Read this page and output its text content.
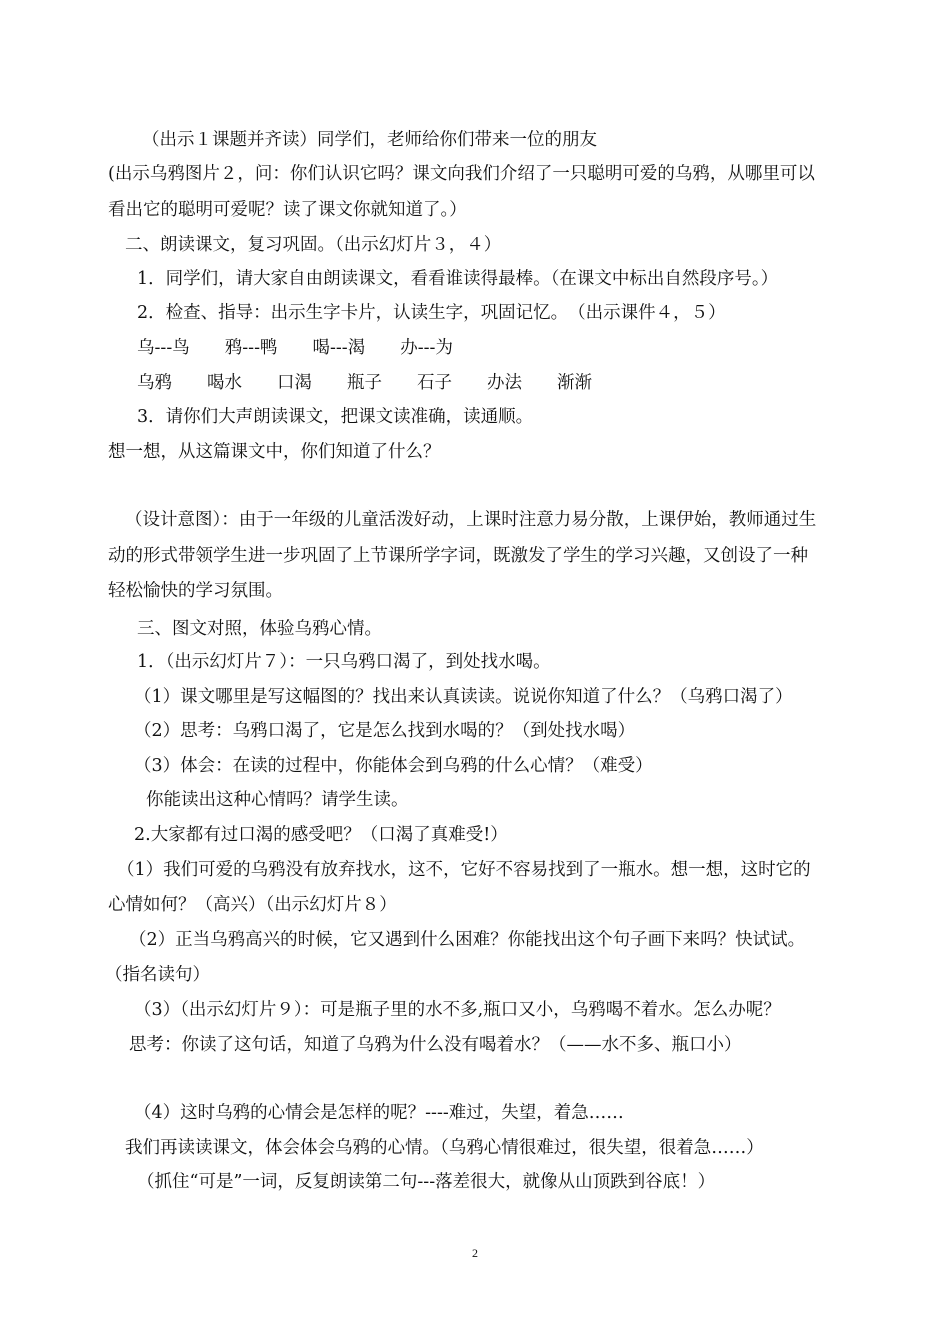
（出示１课题并齐读）同学们，老师给你们带来一位的朋友

(出示乌鸦图片２，问：你们认识它吗？课文向我们介绍了一只聪明可爱的乌鸦，从哪里可以

看出它的聪明可爱呢？读了课文你就知道了。）

二、朗读课文，复习巩固。（出示幻灯片３，４）

1．同学们，请大家自由朗读课文，看看谁读得最棒。（在课文中标出自然段序号。）

2．检查、指导：出示生字卡片，认读生字，巩固记忆。　（出示课件４，５）

乌---鸟　　鸦---鸭　　喝---渴　　办---为

乌鸦　　喝水　　口渴　　瓶子　　石子　　办法　　渐渐

3．请你们大声朗读课文，把课文读准确，读通顺。

想一想，从这篇课文中，你们知道了什么？

（设计意图）：由于一年级的儿童活泼好动，上课时注意力易分散，上课伊始，教师通过生

动的形式带领学生进一步巩固了上节课所学字词，既激发了学生的学习兴趣，又创设了一种

轻松愉快的学习氛围。

三、图文对照，体验乌鸦心情。

1．（出示幻灯片７）：一只乌鸦口渴了，到处找水喝。

（1）课文哪里是写这幅图的？找出来认真读读。说说你知道了什么？（乌鸦口渴了）

（2）思考：乌鸦口渴了，它是怎么找到水喝的？（到处找水喝）

（3）体会：在读的过程中，你能体会到乌鸦的什么心情？（难受）

你能读出这种心情吗？请学生读。

2.大家都有过口渴的感受吧？（口渴了真难受!）

（1）我们可爱的乌鸦没有放弃找水，这不，它好不容易找到了一瓶水。想一想，这时它的

心情如何？（高兴）（出示幻灯片８）

（2）正当乌鸦高兴的时候，它又遇到什么困难？你能找出这个句子画下来吗？快试试。

（指名读句）

（3）（出示幻灯片９）：可是瓶子里的水不多,瓶口又小，乌鸦喝不着水。怎么办呢？

思考：你读了这句话，知道了乌鸦为什么没有喝着水？（——水不多、瓶口小）

（4）这时乌鸦的心情会是怎样的呢？----难过，失望，着急……

我们再读读课文，体会体会乌鸦的心情。（乌鸦心情很难过，很失望，很着急……）

（抓住“可是”一词，反复朗读第二句---落差很大，就像从山顶跌到谷底！）

2
